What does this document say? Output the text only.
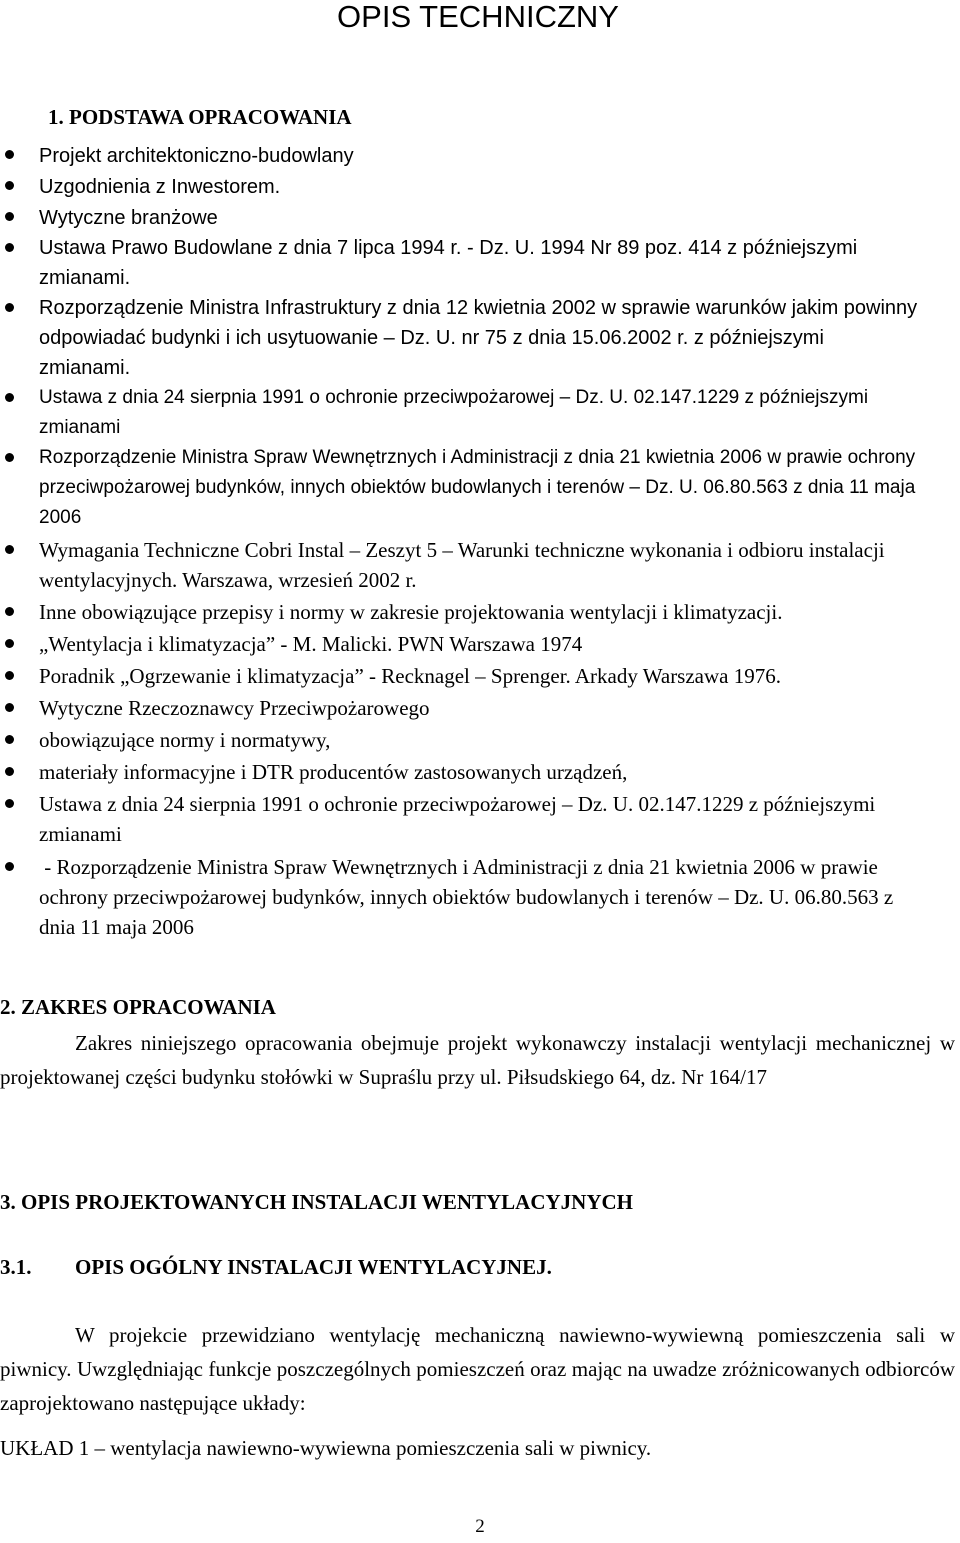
OPIS TECHNICZNY
1. PODSTAWA OPRACOWANIA
Projekt architektoniczno-budowlany
Uzgodnienia z Inwestorem.
Wytyczne branżowe
Ustawa Prawo Budowlane z dnia 7 lipca 1994 r. - Dz. U. 1994 Nr 89 poz. 414 z późniejszymi zmianami.
Rozporządzenie Ministra Infrastruktury z dnia 12 kwietnia 2002 w sprawie warunków jakim powinny odpowiadać budynki i ich usytuowanie – Dz. U. nr 75 z dnia 15.06.2002 r. z późniejszymi zmianami.
Ustawa z dnia 24 sierpnia 1991 o ochronie przeciwpożarowej – Dz. U. 02.147.1229 z późniejszymi zmianami
Rozporządzenie Ministra Spraw Wewnętrznych i Administracji z dnia 21 kwietnia 2006 w prawie ochrony przeciwpożarowej budynków, innych obiektów budowlanych i terenów – Dz. U. 06.80.563 z dnia 11 maja 2006
Wymagania Techniczne Cobri Instal – Zeszyt 5 – Warunki techniczne wykonania i odbioru instalacji wentylacyjnych. Warszawa, wrzesień 2002 r.
Inne obowiązujące przepisy i normy w zakresie projektowania wentylacji i klimatyzacji.
„Wentylacja i klimatyzacja” - M. Malicki. PWN Warszawa 1974
Poradnik „Ogrzewanie i klimatyzacja” - Recknagel – Sprenger. Arkady Warszawa 1976.
Wytyczne Rzeczoznawcy Przeciwpożarowego
obowiązujące normy i normatywy,
materiały informacyjne i DTR producentów zastosowanych urządzeń,
Ustawa z dnia 24 sierpnia 1991 o ochronie przeciwpożarowej – Dz. U. 02.147.1229 z późniejszymi zmianami
- Rozporządzenie Ministra Spraw Wewnętrznych i Administracji z dnia 21 kwietnia 2006 w prawie ochrony przeciwpożarowej budynków, innych obiektów budowlanych i terenów – Dz. U. 06.80.563 z dnia 11 maja 2006
2. ZAKRES OPRACOWANIA
Zakres niniejszego opracowania obejmuje projekt wykonawczy instalacji wentylacji mechanicznej w projektowanej części budynku stołówki w Supraślu przy ul. Piłsudskiego 64, dz. Nr 164/17
3. OPIS PROJEKTOWANYCH INSTALACJI WENTYLACYJNYCH
3.1. OPIS OGÓLNY INSTALACJI WENTYLACYJNEJ.
W projekcie przewidziano wentylację mechaniczną nawiewno-wywiewną pomieszczenia sali w piwnicy. Uwzględniając funkcje poszczególnych pomieszczeń oraz mając na uwadze zróżnicowanych odbiorców zaprojektowano następujące układy:
UKŁAD 1 – wentylacja nawiewno-wywiewna pomieszczenia sali w piwnicy.
2
